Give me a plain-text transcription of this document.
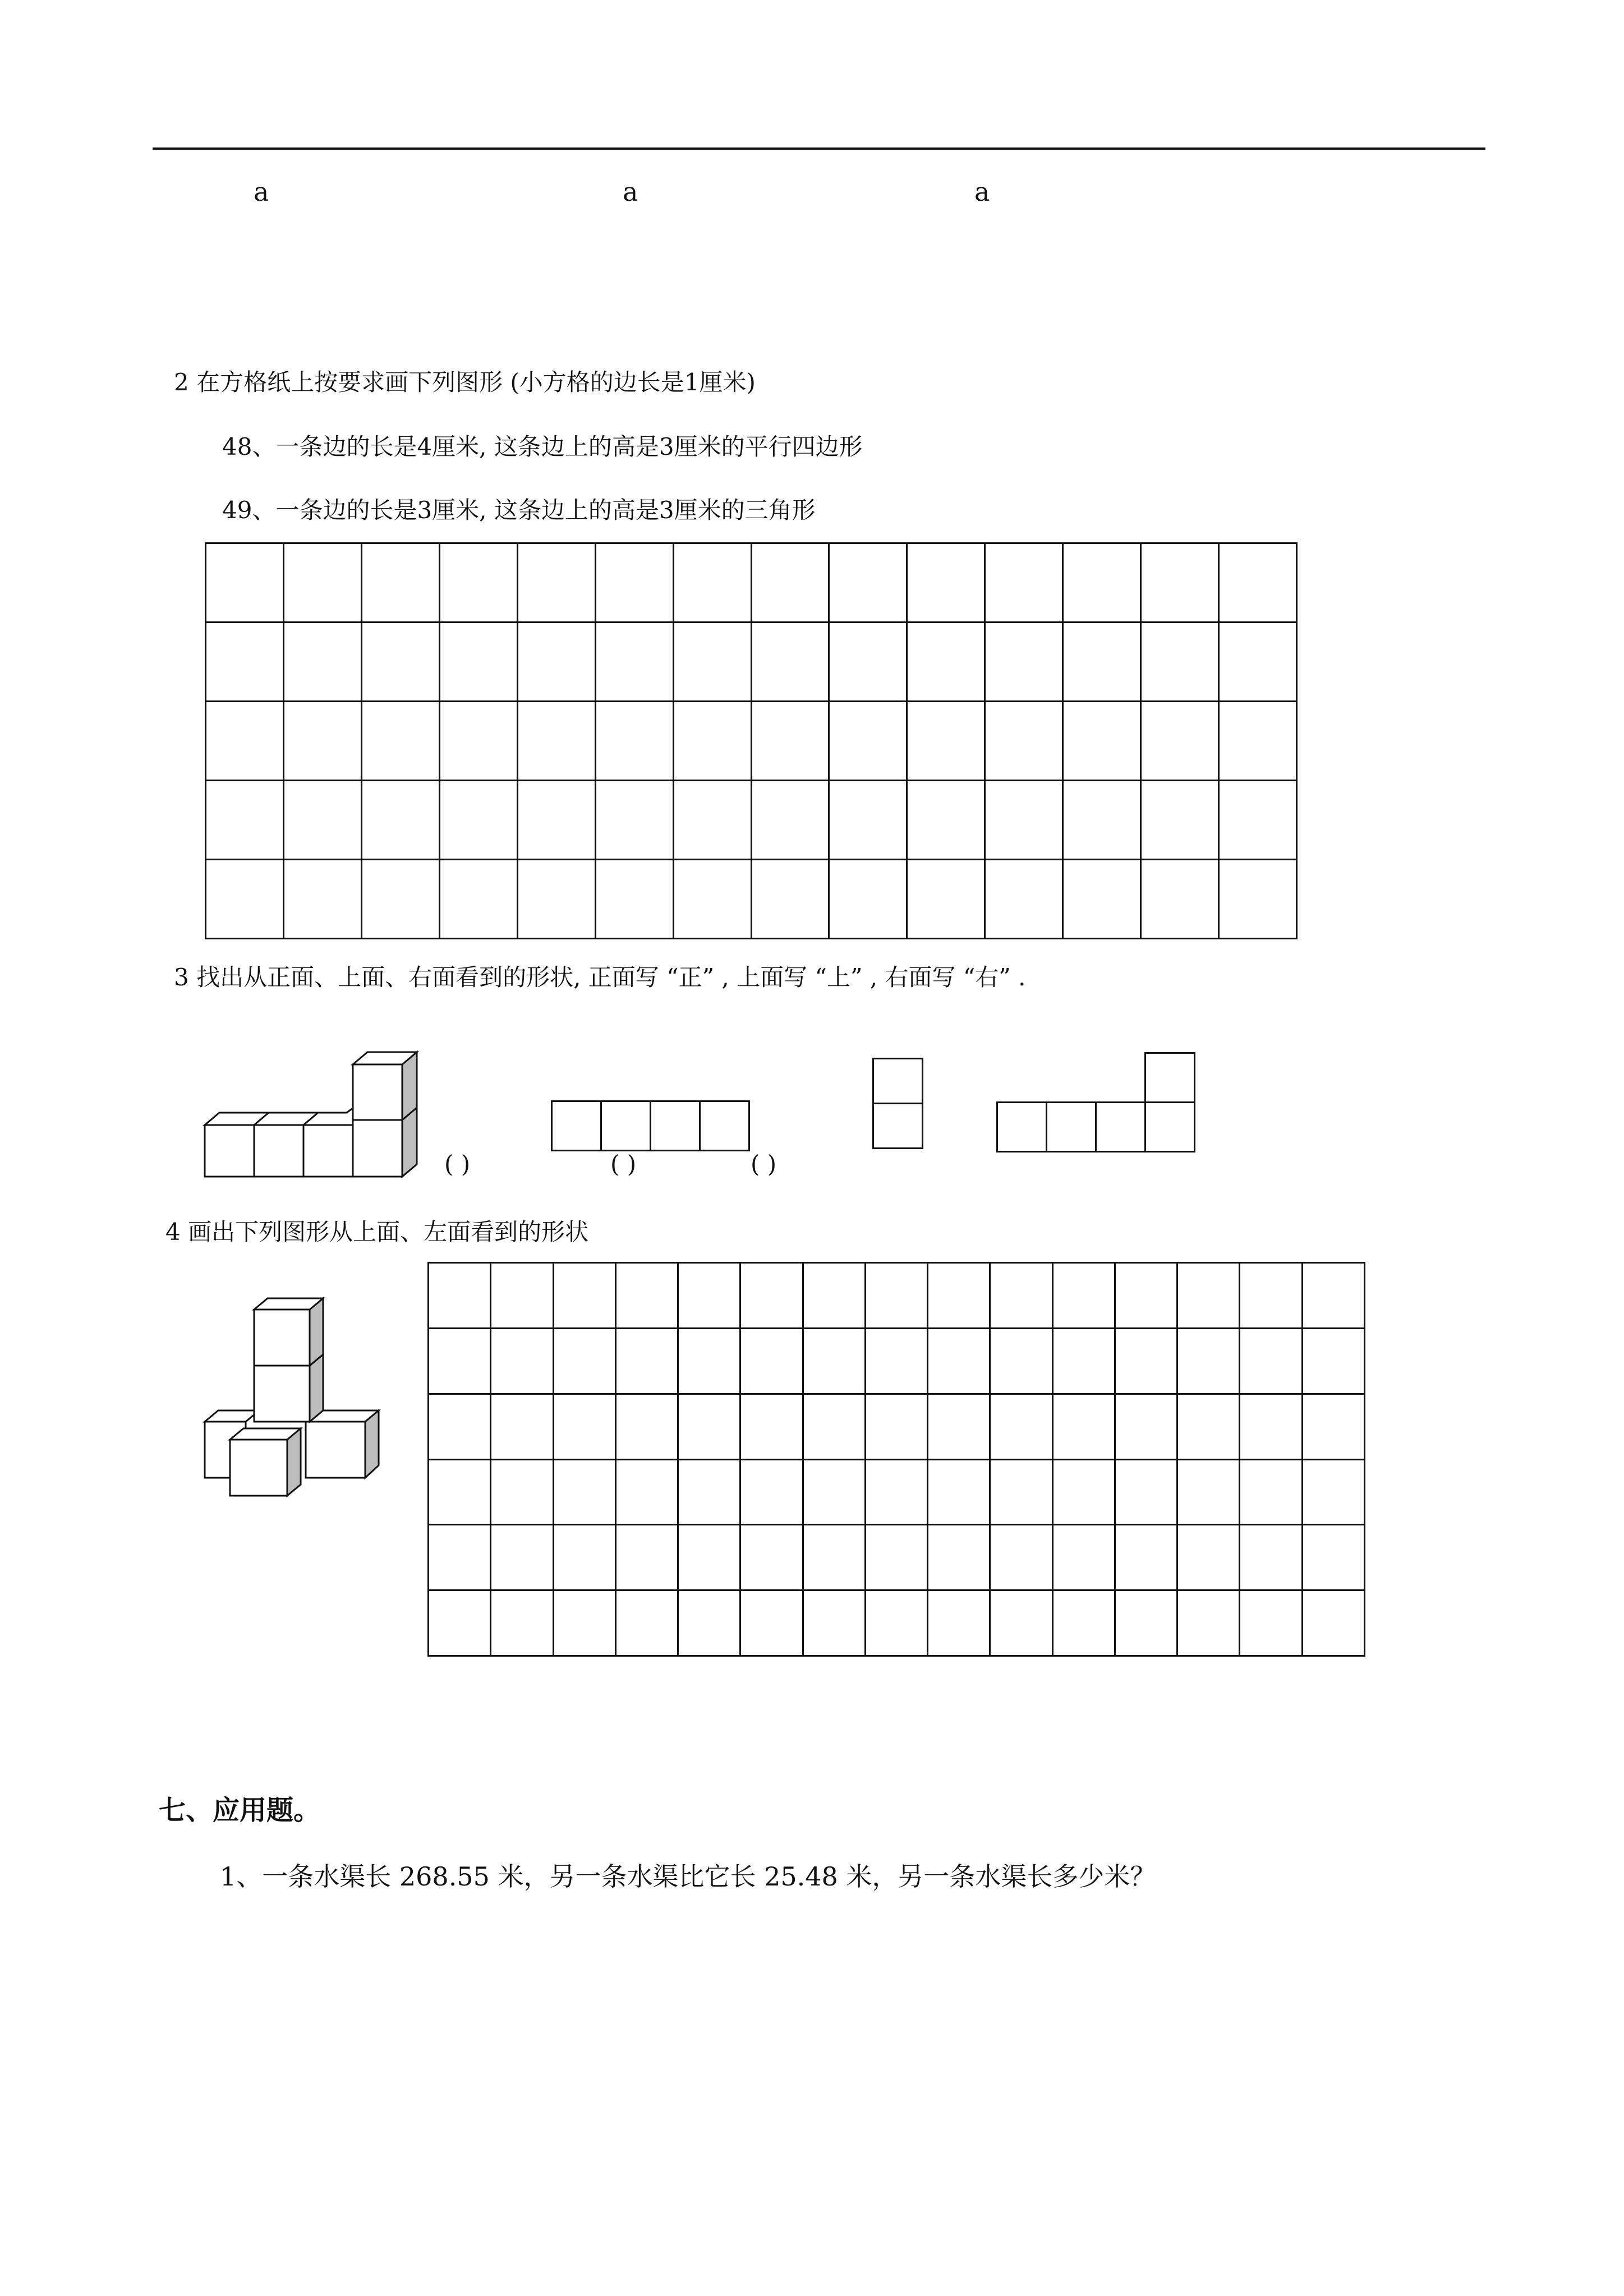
a	a	a
2 在方格纸上按要求画下列图形 (小方格的边长是1厘米)
48、一条边的长是4厘米, 这条边上的高是3厘米的平行四边形
49、一条边的长是3厘米, 这条边上的高是3厘米的三角形
3 找出从正面、上面、右面看到的形状, 正面写 “正” , 上面写 “上” , 右面写 “右” .
( )	( )	( )
4 画出下列图形从上面、左面看到的形状
七、应用题。
1、一条水渠长 268.55 米，另一条水渠比它长 25.48 米，另一条水渠长多少米？
